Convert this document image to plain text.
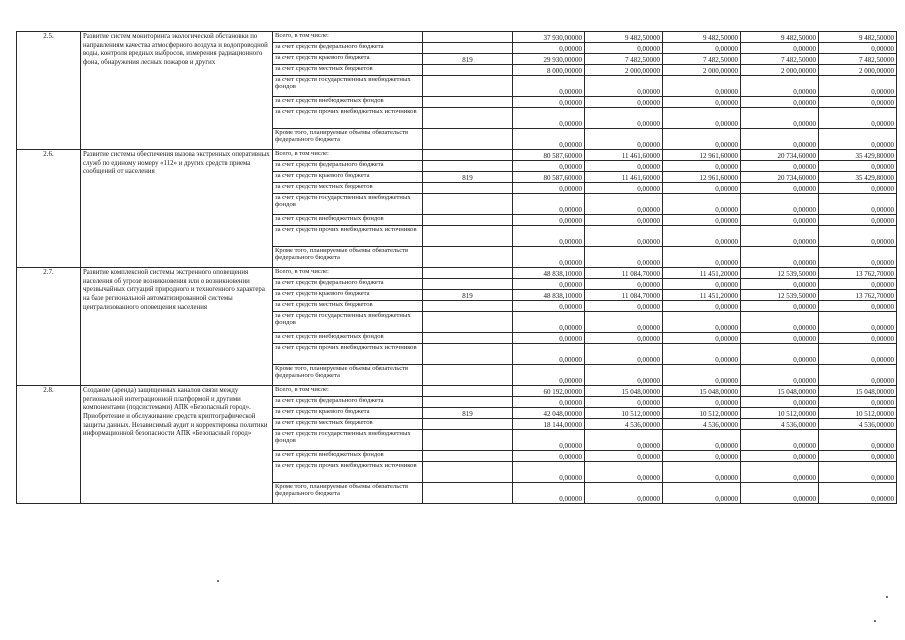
2.5.	Развитие систем мониторинга экологической обстановки по направлениям качества атмосферного воздуха и водопроводной воды, контроля вредных выбросов, измерения радиационного фона, обнаружения лесных пожаров и других	Всего, в том числе:		37 930,00000	9 482,50000	9 482,50000	9 482,50000	9 482,50000
		за счет средств федерального бюджета		0,00000	0,00000	0,00000	0,00000	0,00000
		за счет средств краевого бюджета	819	29 930,00000	7 482,50000	7 482,50000	7 482,50000	7 482,50000
		за счет средств местных бюджетов		8 000,00000	2 000,00000	2 000,00000	2 000,00000	2 000,00000
		за счет средств государственных внебюджетных фондов		0,00000	0,00000	0,00000	0,00000	0,00000
		за счет средств внебюджетных фондов		0,00000	0,00000	0,00000	0,00000	0,00000
		за счет средств прочих внебюджетных источников		0,00000	0,00000	0,00000	0,00000	0,00000
		Кроме того, планируемые объемы обязательств федерального бюджета		0,00000	0,00000	0,00000	0,00000	0,00000
2.6.	Развитие системы обеспечения вызова экстренных оперативных служб по единому номеру «112» и других средств приема сообщений от населения	Всего, в том числе:		80 587,60000	11 461,60000	12 961,60000	20 734,60000	35 429,80000
		за счет средств федерального бюджета		0,00000	0,00000	0,00000	0,00000	0,00000
		за счет средств краевого бюджета	819	80 587,60000	11 461,60000	12 961,60000	20 734,60000	35 429,80000
		за счет средств местных бюджетов		0,00000	0,00000	0,00000	0,00000	0,00000
		за счет средств государственных внебюджетных фондов		0,00000	0,00000	0,00000	0,00000	0,00000
		за счет средств внебюджетных фондов		0,00000	0,00000	0,00000	0,00000	0,00000
		за счет средств прочих внебюджетных источников		0,00000	0,00000	0,00000	0,00000	0,00000
		Кроме того, планируемые объемы обязательств федерального бюджета		0,00000	0,00000	0,00000	0,00000	0,00000
2.7.	Развитие комплексной системы экстренного оповещения населения об угрозе возникновения или о возникновении чрезвычайных ситуаций природного и техногенного характера на базе региональной автоматизированной системы централизованного оповещения населения	Всего, в том числе:		48 838,10000	11 084,70000	11 451,20000	12 539,50000	13 762,70000
		за счет средств федерального бюджета		0,00000	0,00000	0,00000	0,00000	0,00000
		за счет средств краевого бюджета	819	48 838,10000	11 084,70000	11 451,20000	12 539,50000	13 762,70000
		за счет средств местных бюджетов		0,00000	0,00000	0,00000	0,00000	0,00000
		за счет средств государственных внебюджетных фондов		0,00000	0,00000	0,00000	0,00000	0,00000
		за счет средств внебюджетных фондов		0,00000	0,00000	0,00000	0,00000	0,00000
		за счет средств прочих внебюджетных источников		0,00000	0,00000	0,00000	0,00000	0,00000
		Кроме того, планируемые объемы обязательств федерального бюджета		0,00000	0,00000	0,00000	0,00000	0,00000
2.8.	Создание (аренда) защищенных каналов связи между региональной интеграционной платформой и другими компонентами (подсистемами) АПК «Безопасный город». Приобретение и обслуживание средств криптографической защиты данных. Независимый аудит и корректировка политики информационной безопасности АПК «Безопасный город»	Всего, в том числе:		60 192,00000	15 048,00000	15 048,00000	15 048,00000	15 048,00000
		за счет средств федерального бюджета		0,00000	0,00000	0,00000	0,00000	0,00000
		за счет средств краевого бюджета	819	42 048,00000	10 512,00000	10 512,00000	10 512,00000	10 512,00000
		за счет средств местных бюджетов		18 144,00000	4 536,00000	4 536,00000	4 536,00000	4 536,00000
		за счет средств государственных внебюджетных фондов		0,00000	0,00000	0,00000	0,00000	0,00000
		за счет средств внебюджетных фондов		0,00000	0,00000	0,00000	0,00000	0,00000
		за счет средств прочих внебюджетных источников		0,00000	0,00000	0,00000	0,00000	0,00000
		Кроме того, планируемые объемы обязательств федерального бюджета		0,00000	0,00000	0,00000	0,00000	0,00000
